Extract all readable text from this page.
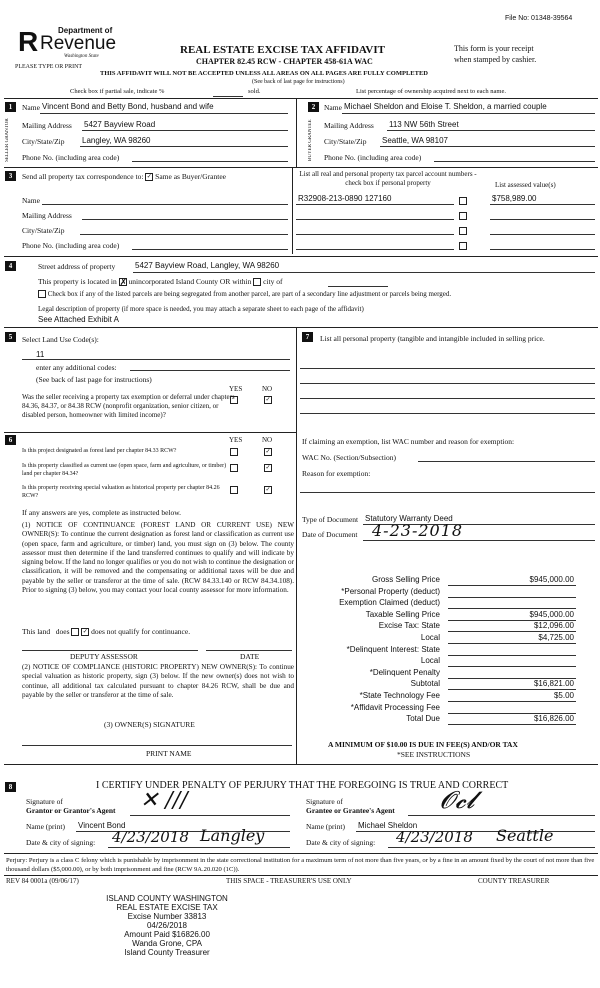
File No: 01348-39564
Department of
R Revenue
Washington State
PLEASE TYPE OR PRINT
REAL ESTATE EXCISE TAX AFFIDAVIT
CHAPTER 82.45 RCW - CHAPTER 458-61A WAC
This form is your receipt
when stamped by cashier.
THIS AFFIDAVIT WILL NOT BE ACCEPTED UNLESS ALL AREAS ON ALL PAGES ARE FULLY COMPLETED
(See back of last page for instructions)
Check box if partial sale, indicate %	sold.	List percentage of ownership acquired next to each name.
1
SELLER GRANTOR
Name Vincent Bond and Betty Bond, husband and wife
Mailing Address 5427 Bayview Road
City/State/Zip Langley, WA 98260
Phone No. (including area code)
2
BUYER GRANTEE
Name Michael Sheldon and Eloise T. Sheldon, a married couple
Mailing Address 113 NW 56th Street
City/State/Zip Seattle, WA 98107
Phone No. (including area code)
3	Send all property tax correspondence to: ✓ Same as Buyer/Grantee	List all real and personal property tax parcel account numbers - check box if personal property	List assessed value(s)
Name
Mailing Address
City/State/Zip
Phone No. (including area code)
R32908-213-0890 127160	$758,989.00
4	Street address of property 5427 Bayview Road, Langley, WA 98260
This property is located in ✗ unincorporated Island County OR within city of
Check box if any of the listed parcels are being segregated from another parcel, are part of a secondary line adjustment or parcels being merged.
Legal description of property (if more space is needed, you may attach a separate sheet to each page of the affidavit)
See Attached Exhibit A
5	Select Land Use Code(s):
11
enter any additional codes:
(See back of last page for instructions)
YES	NO
Was the seller receiving a property tax exemption or deferral under chapters 84.36, 84.37, or 84.38 RCW (nonprofit organization, senior citizen, or disabled person, homeowner with limited income)?
✓
6	YES	NO
Is this project designated as forest land per chapter 84.33 RCW?	✓
Is this property classified as current use (open space, farm and agriculture, or timber) land per chapter 84.34?
✓
Is this property receiving special valuation as historical property per chapter 84.26 RCW?
✓
If any answers are yes, complete as instructed below.
(1) NOTICE OF CONTINUANCE (FOREST LAND OR CURRENT USE) NEW OWNER(S): To continue the current designation as forest land or classification as current use (open space, farm and agriculture, or timber) land, you must sign on (3) below. The county assessor must then determine if the land transferred continues to qualify and will indicate by signing below. If the land no longer qualifies or you do not wish to continue the designation or classification, it will be removed and the compensating or additional taxes will be due and payable by the seller or transferor at the time of sale. (RCW 84.33.140 or RCW 84.34.108). Prior to signing (3) below, you may contact your local county assessor for more information.
This land does ✓ does not qualify for continuance.
DEPUTY ASSESSOR	DATE
(2) NOTICE OF COMPLIANCE (HISTORIC PROPERTY) NEW OWNER(S): To continue special valuation as historic property, sign (3) below. If the new owner(s) does not wish to continue, all additional tax calculated pursuant to chapter 84.26 RCW, shall be due and payable by the seller or transferor at the time of sale.
(3) OWNER(S) SIGNATURE
PRINT NAME
7	List all personal property (tangible and intangible included in selling price.
If claiming an exemption, list WAC number and reason for exemption:
WAC No. (Section/Subsection)
Reason for exemption:
Type of Document Statutory Warranty Deed
Date of Document 4-23-2018
Gross Selling Price	$945,000.00
*Personal Property (deduct)
Exemption Claimed (deduct)
Taxable Selling Price	$945,000.00
Excise Tax: State	$12,096.00
Local	$4,725.00
*Delinquent Interest: State
Local
*Delinquent Penalty
Subtotal	$16,821.00
*State Technology Fee	$5.00
*Affidavit Processing Fee
Total Due	$16,826.00
A MINIMUM OF $10.00 IS DUE IN FEE(S) AND/OR TAX
*SEE INSTRUCTIONS
8	I CERTIFY UNDER PENALTY OF PERJURY THAT THE FOREGOING IS TRUE AND CORRECT
Signature of
Grantor or Grantor's Agent ✕ ∕∕∕
Name (print) Vincent Bond
Date & city of signing: 4/23/2018 Langley
Signature of
Grantee or Grantee's Agent 𝓞𝓬𝓵
Name (print) Michael Sheldon
Date & city of signing: 4/23/2018 Seattle
Perjury: Perjury is a class C felony which is punishable by imprisonment in the state correctional institution for a maximum term of not more than five years, or by a fine in an amount fixed by the court of not more than five thousand dollars ($5,000.00), or by both imprisonment and fine (RCW 9A.20.020 (1C)).
REV 84 0001a (09/06/17)	THIS SPACE - TREASURER'S USE ONLY	COUNTY TREASURER
ISLAND COUNTY WASHINGTON
REAL ESTATE EXCISE TAX
Excise Number 33813
04/26/2018
Amount Paid $16826.00
Wanda Grone, CPA
Island County Treasurer
